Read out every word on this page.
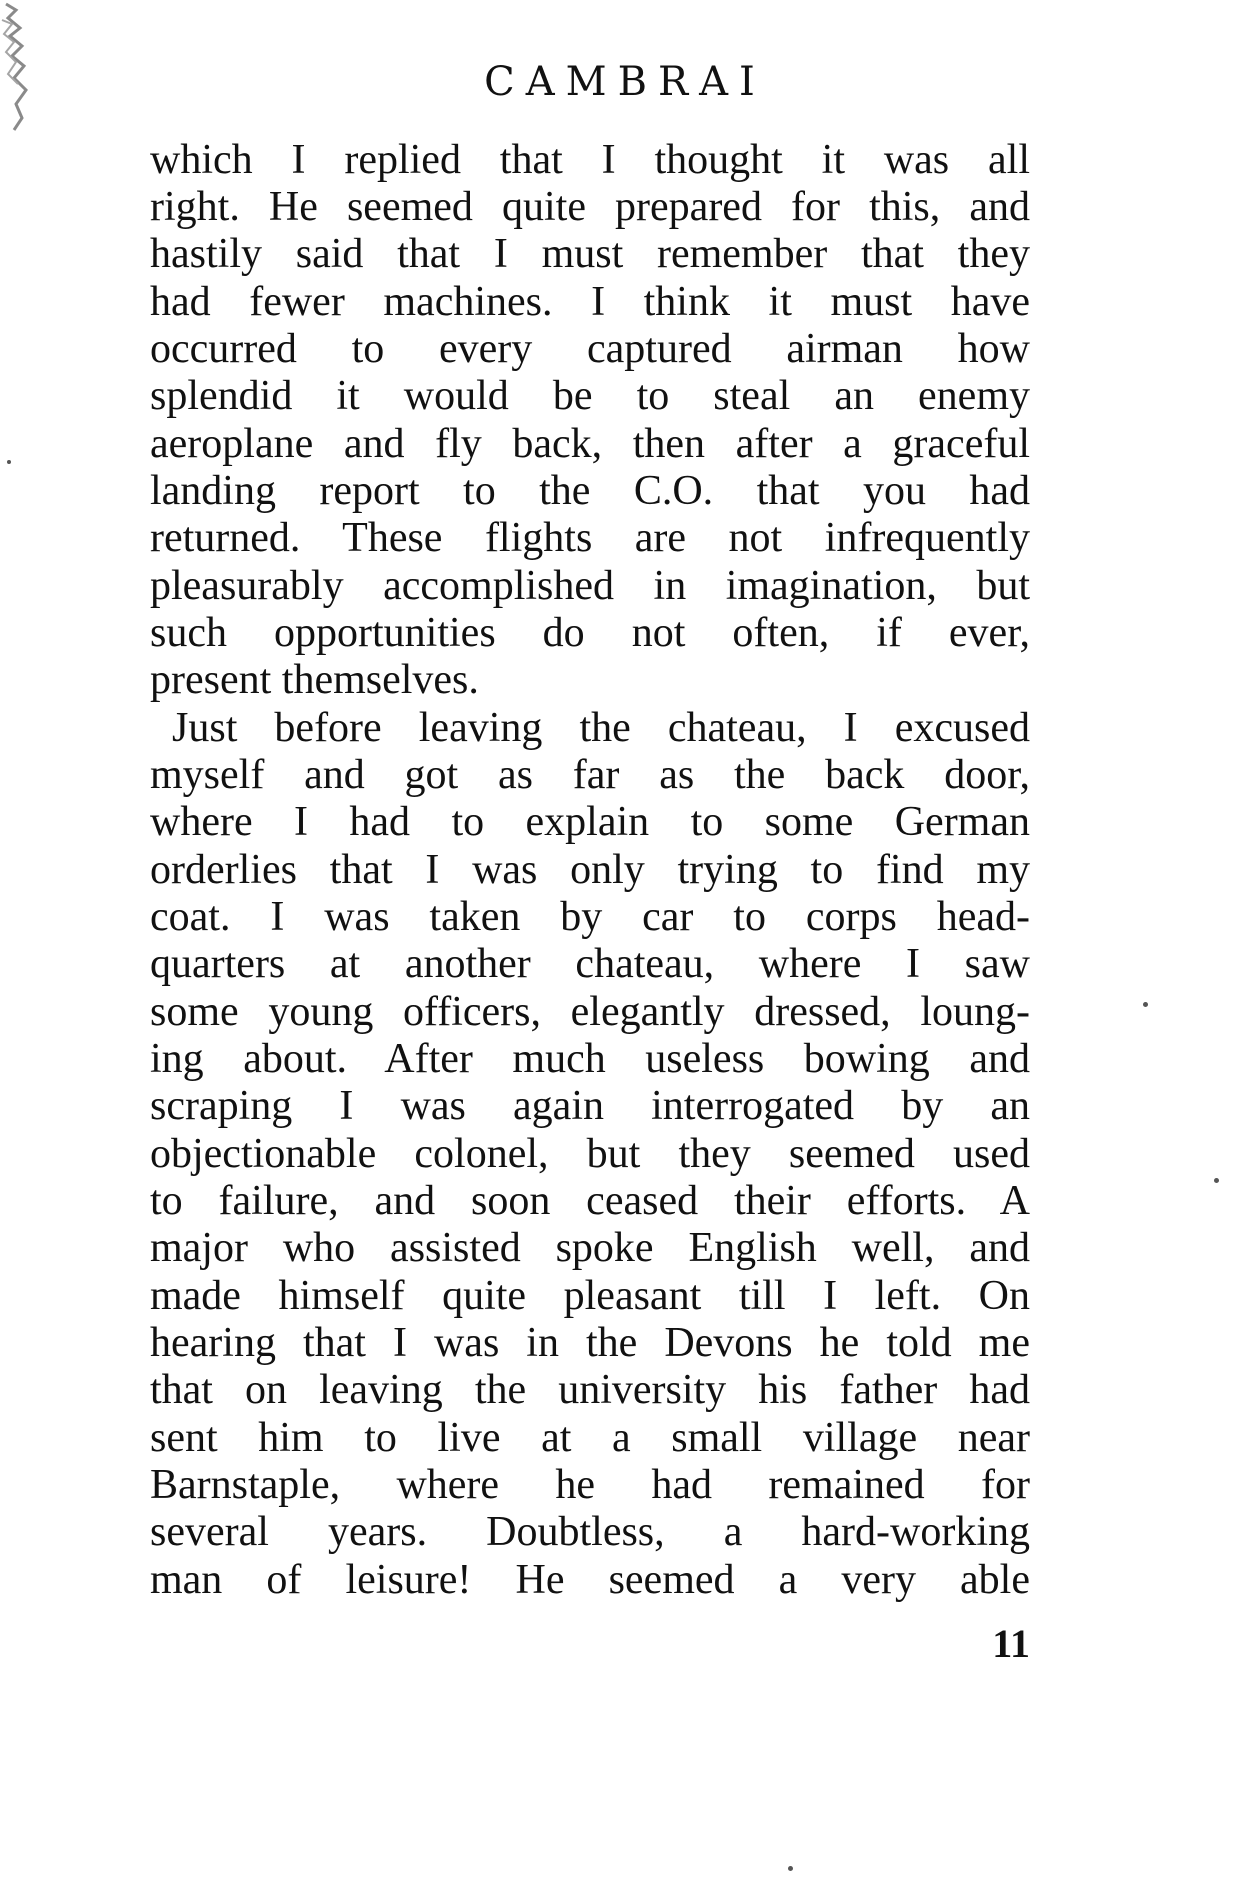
CAMBRAI
which I replied that I thought it was all
right. He seemed quite prepared for this, and
hastily said that I must remember that they
had fewer machines. I think it must have
occurred to every captured airman how
splendid it would be to steal an enemy
aeroplane and fly back, then after a graceful
landing report to the C.O. that you had
returned. These flights are not infrequently
pleasurably accomplished in imagination, but
such opportunities do not often, if ever,
present themselves.
Just before leaving the chateau, I excused
myself and got as far as the back door,
where I had to explain to some German
orderlies that I was only trying to find my
coat. I was taken by car to corps head-
quarters at another chateau, where I saw
some young officers, elegantly dressed, loung-
ing about. After much useless bowing and
scraping I was again interrogated by an
objectionable colonel, but they seemed used
to failure, and soon ceased their efforts. A
major who assisted spoke English well, and
made himself quite pleasant till I left. On
hearing that I was in the Devons he told me
that on leaving the university his father had
sent him to live at a small village near
Barnstaple, where he had remained for
several years. Doubtless, a hard-working
man of leisure! He seemed a very able
11
